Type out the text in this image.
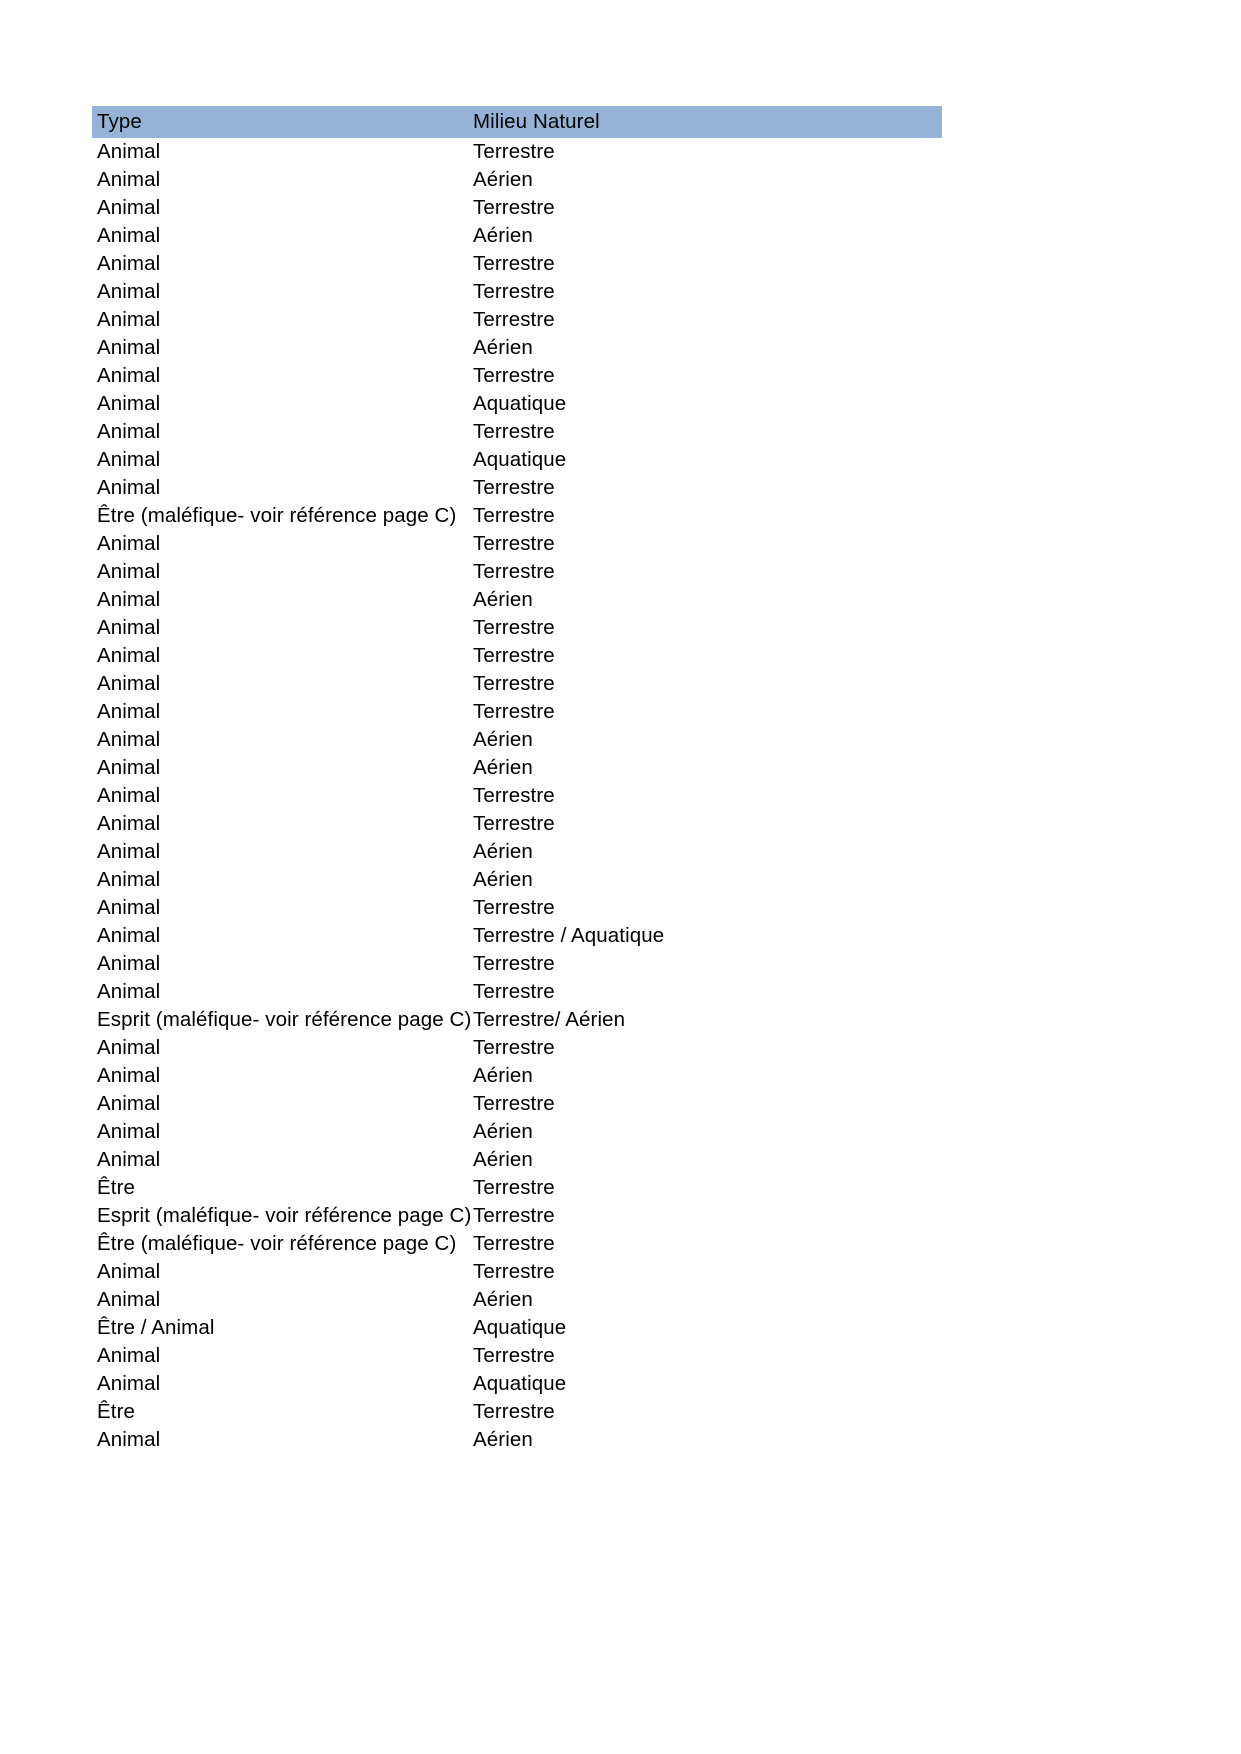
Type	Milieu Naturel
Animal	Terrestre
Animal	Aérien
Animal	Terrestre
Animal	Aérien
Animal	Terrestre
Animal	Terrestre
Animal	Terrestre
Animal	Aérien
Animal	Terrestre
Animal	Aquatique
Animal	Terrestre
Animal	Aquatique
Animal	Terrestre
Être (maléfique- voir référence page C)	Terrestre
Animal	Terrestre
Animal	Terrestre
Animal	Aérien
Animal	Terrestre
Animal	Terrestre
Animal	Terrestre
Animal	Terrestre
Animal	Aérien
Animal	Aérien
Animal	Terrestre
Animal	Terrestre
Animal	Aérien
Animal	Aérien
Animal	Terrestre
Animal	Terrestre / Aquatique
Animal	Terrestre
Animal	Terrestre
Esprit (maléfique- voir référence page C)	Terrestre/ Aérien
Animal	Terrestre
Animal	Aérien
Animal	Terrestre
Animal	Aérien
Animal	Aérien
Être	Terrestre
Esprit (maléfique- voir référence page C)	Terrestre
Être (maléfique- voir référence page C)	Terrestre
Animal	Terrestre
Animal	Aérien
Être / Animal	Aquatique
Animal	Terrestre
Animal	Aquatique
Être	Terrestre
Animal	Aérien
